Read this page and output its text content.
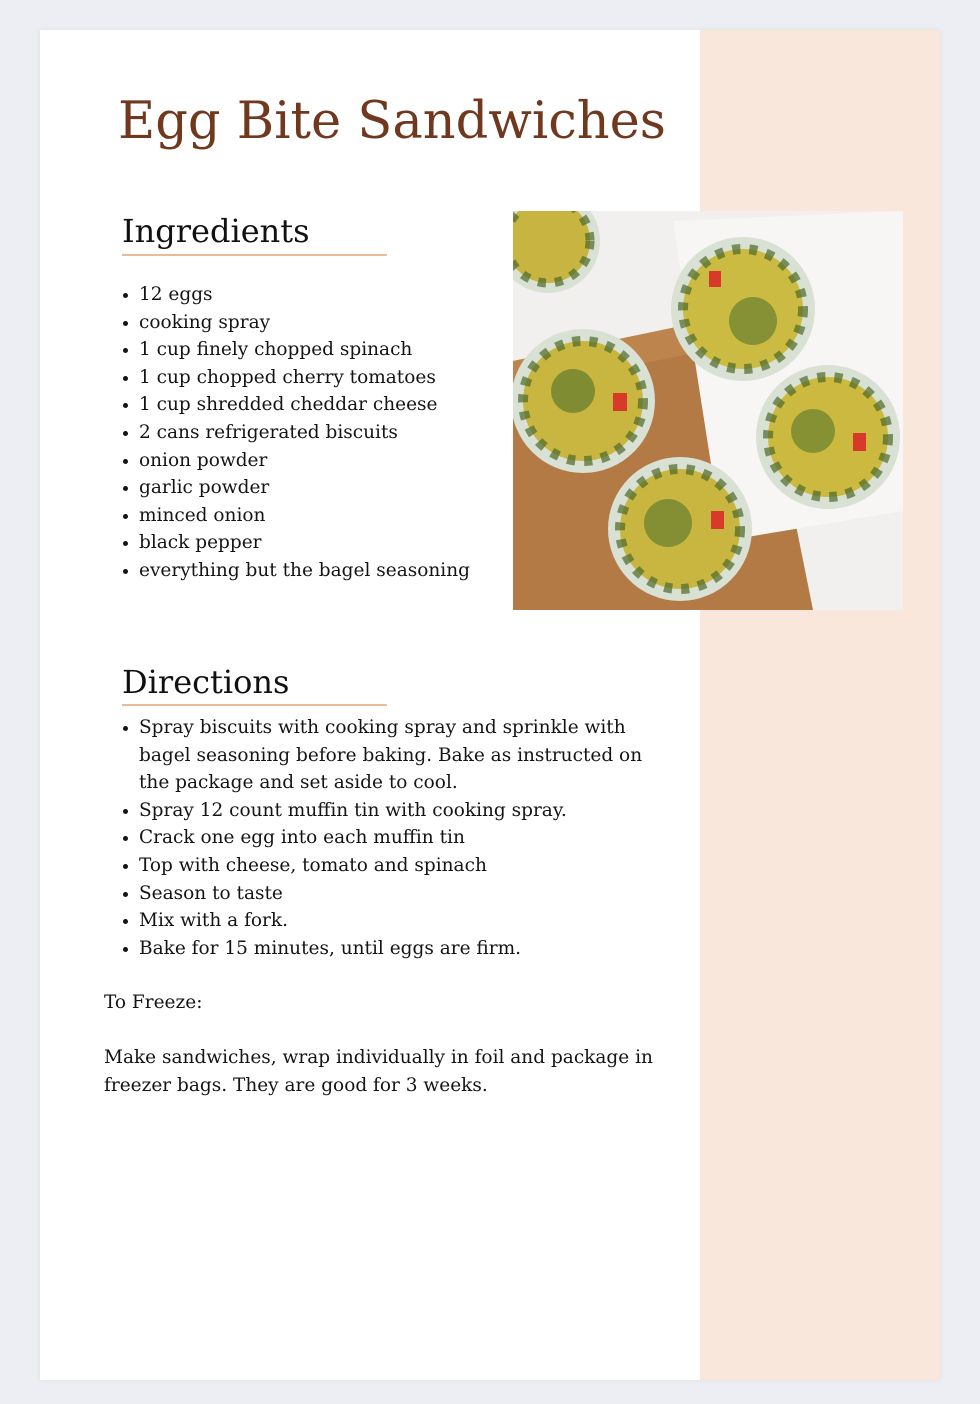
Egg Bite Sandwiches
Ingredients
• 12 eggs
• cooking spray
• 1 cup finely chopped spinach
• 1 cup chopped cherry tomatoes
• 1 cup shredded cheddar cheese
• 2 cans refrigerated biscuits
• onion powder
• garlic powder
• minced onion
• black pepper
• everything but the bagel seasoning
Directions
• Spray biscuits with cooking spray and sprinkle with bagel seasoning before baking. Bake as instructed on the package and set aside to cool.
• Spray 12 count muffin tin with cooking spray.
• Crack one egg into each muffin tin
• Top with cheese, tomato and spinach
• Season to taste
• Mix with a fork.
• Bake for 15 minutes, until eggs are firm.

To Freeze:

Make sandwiches, wrap individually in foil and package in freezer bags. They are good for 3 weeks.
